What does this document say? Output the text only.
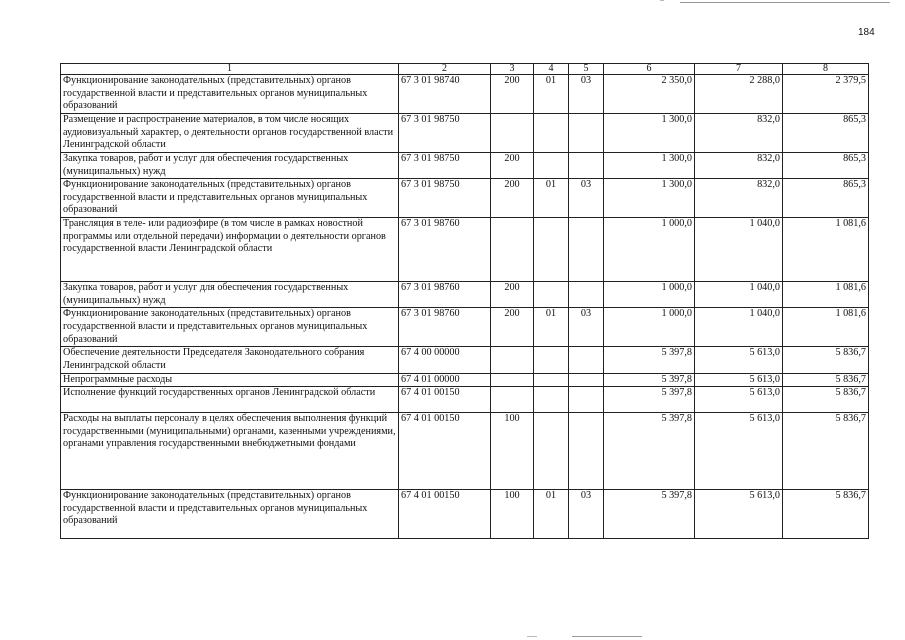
184
1	2	3	4	5	6	7	8
Функционирование законодательных (представительных) органов государственной власти и представительных органов муниципальных образований	67 3 01 98740	200	01	03	2 350,0	2 288,0	2 379,5
Размещение и распространение материалов, в том числе носящих аудиовизуальный характер, о деятельности органов государственной власти Ленинградской области	67 3 01 98750				1 300,0	832,0	865,3
Закупка товаров, работ и услуг для обеспечения государственных (муниципальных) нужд	67 3 01 98750	200			1 300,0	832,0	865,3
Функционирование законодательных (представительных) органов государственной власти и представительных органов муниципальных образований	67 3 01 98750	200	01	03	1 300,0	832,0	865,3
Трансляция в теле- или радиоэфире (в том числе в рамках новостной программы или отдельной передачи) информации о деятельности органов государственной власти Ленинградской области	67 3 01 98760				1 000,0	1 040,0	1 081,6
Закупка товаров, работ и услуг для обеспечения государственных (муниципальных) нужд	67 3 01 98760	200			1 000,0	1 040,0	1 081,6
Функционирование законодательных (представительных) органов государственной власти и представительных органов муниципальных образований	67 3 01 98760	200	01	03	1 000,0	1 040,0	1 081,6
Обеспечение деятельности Председателя Законодательного собрания Ленинградской области	67 4 00 00000				5 397,8	5 613,0	5 836,7
Непрограммные расходы	67 4 01 00000				5 397,8	5 613,0	5 836,7
Исполнение функций государственных органов Ленинградской области	67 4 01 00150				5 397,8	5 613,0	5 836,7
Расходы на выплаты персоналу в целях обеспечения выполнения функций государственными (муниципальными) органами, казенными учреждениями, органами управления государственными внебюджетными фондами	67 4 01 00150	100			5 397,8	5 613,0	5 836,7
Функционирование законодательных (представительных) органов государственной власти и представительных органов муниципальных образований	67 4 01 00150	100	01	03	5 397,8	5 613,0	5 836,7
